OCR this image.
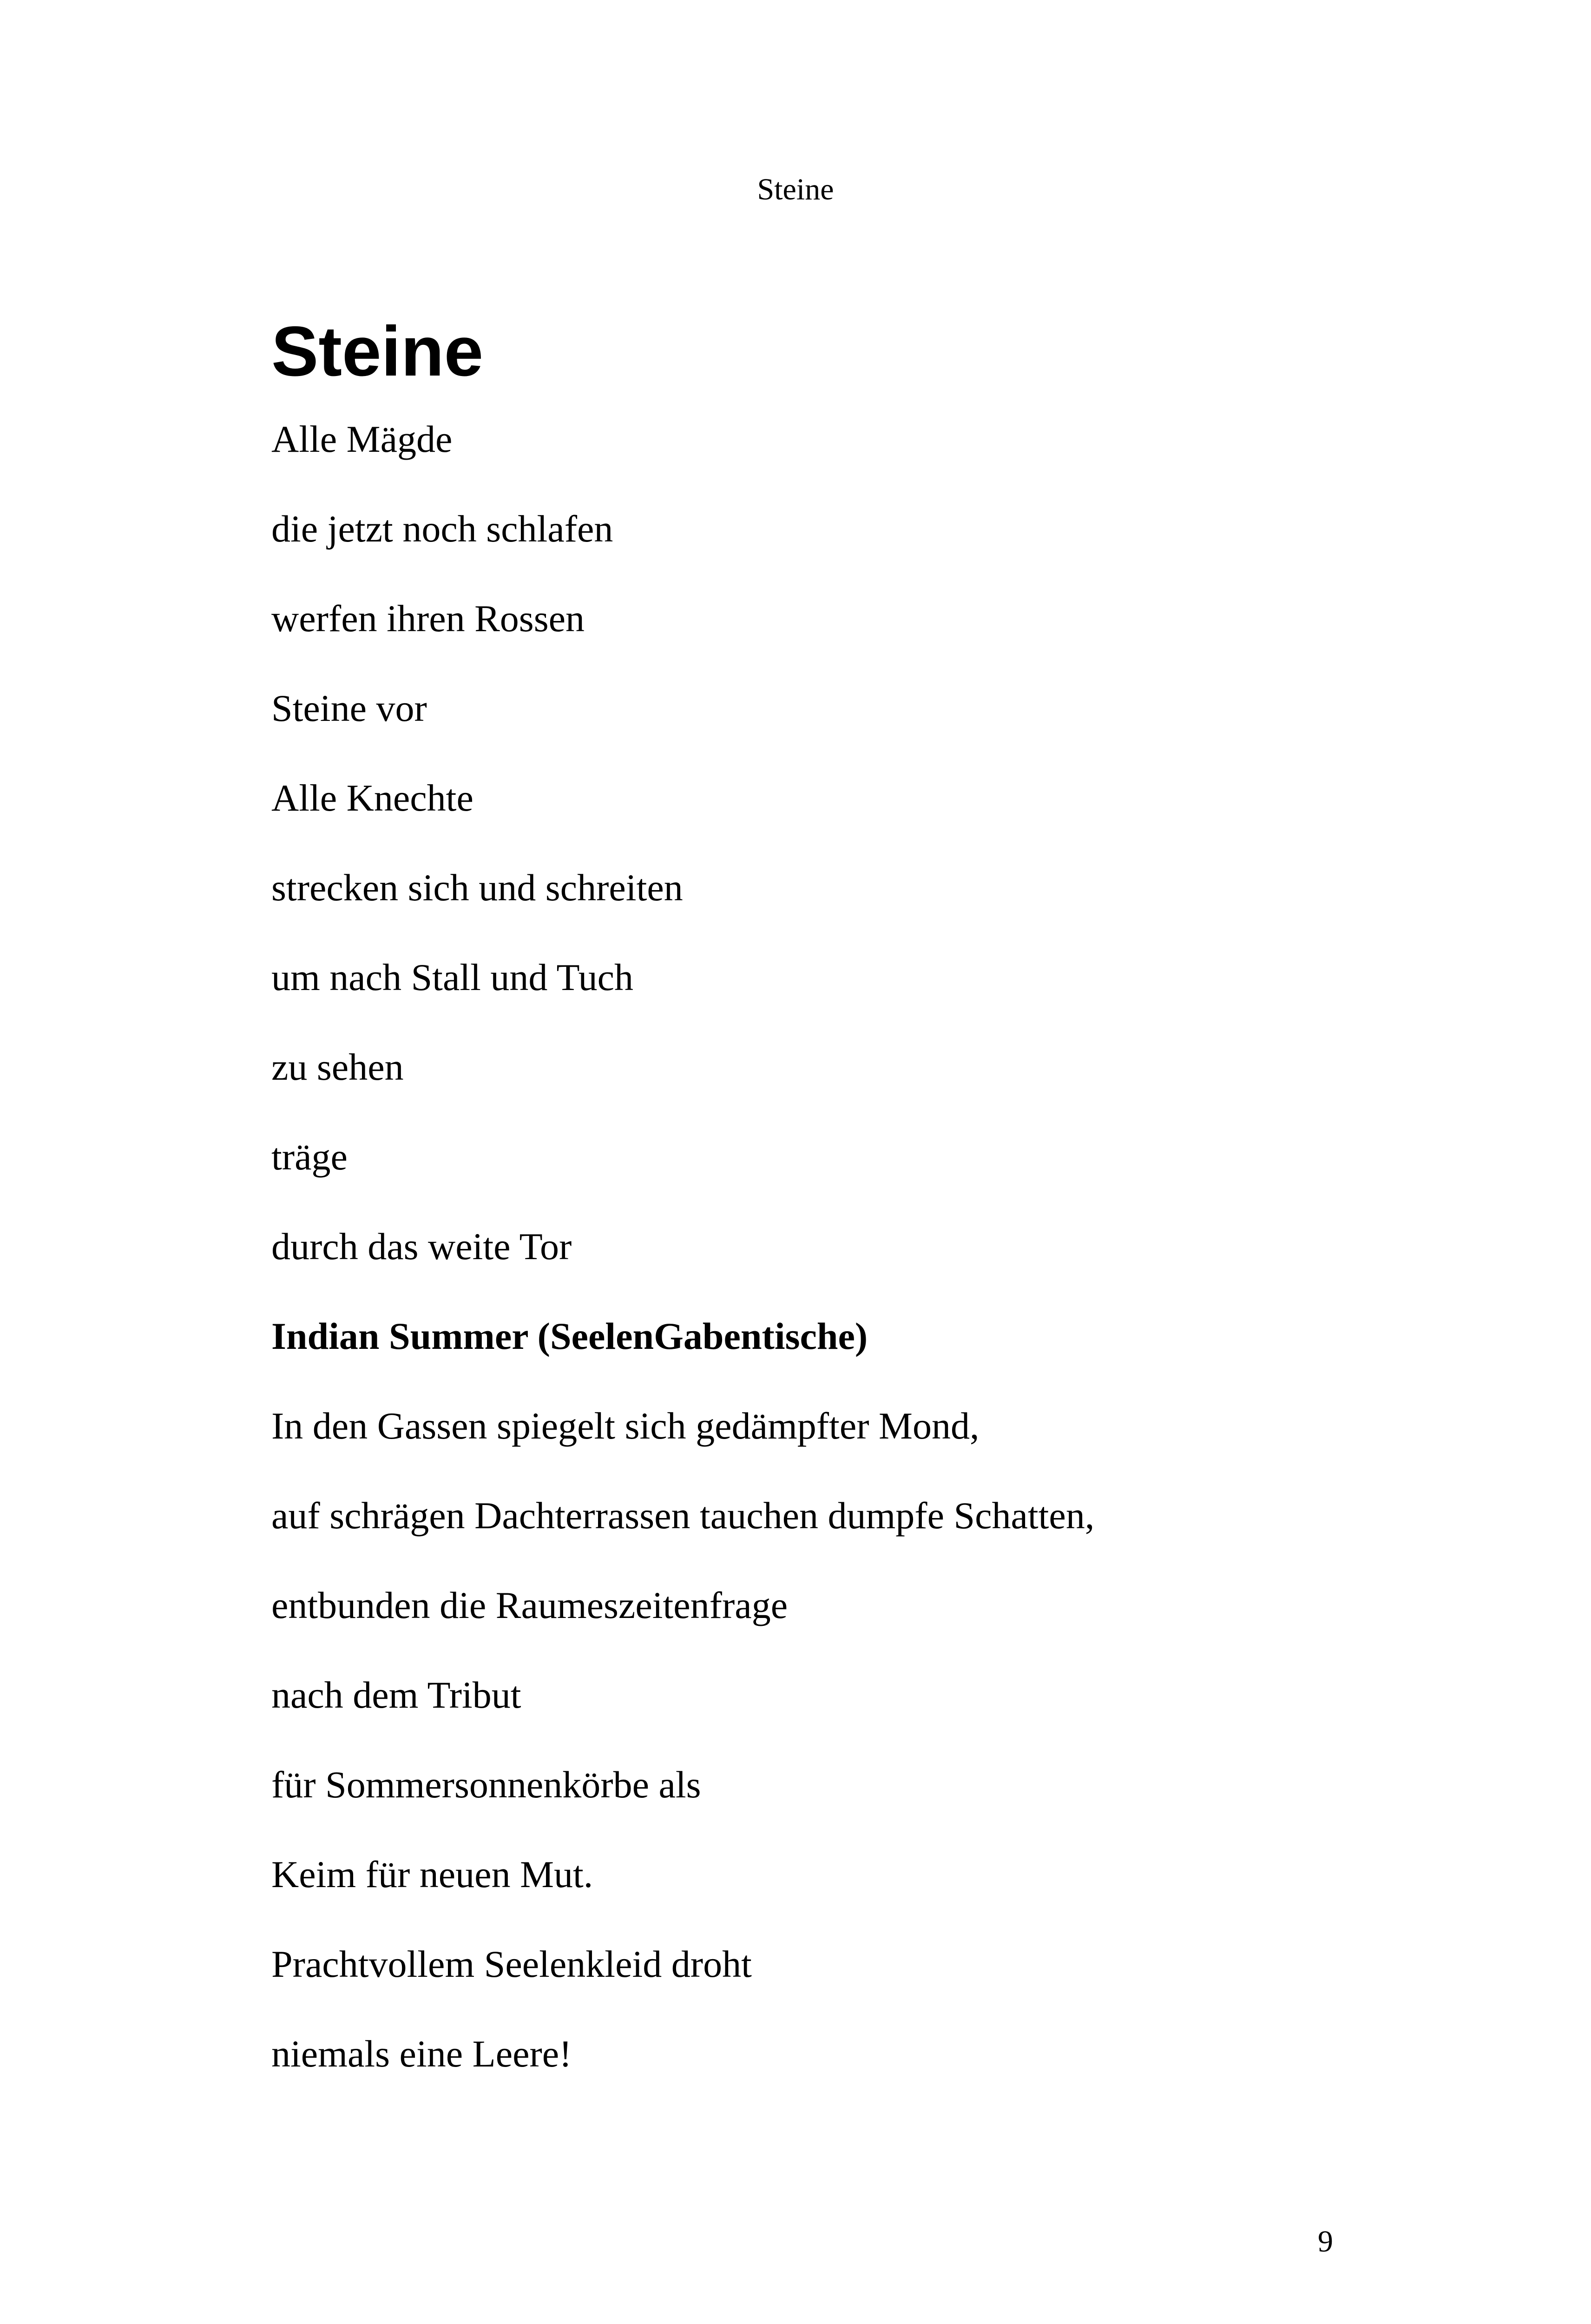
Steine
Steine
Alle Mägde
die jetzt noch schlafen
werfen ihren Rossen
Steine vor
Alle Knechte
strecken sich und schreiten
um nach Stall und Tuch
zu sehen
träge
durch das weite Tor
Indian Summer (SeelenGabentische)
In den Gassen spiegelt sich gedämpfter Mond,
auf schrägen Dachterrassen tauchen dumpfe Schatten,
entbunden die Raumeszeitenfrage
nach dem Tribut
für Sommersonnenkörbe als
Keim für neuen Mut.
Prachtvollem Seelenkleid droht
niemals eine Leere!
9
